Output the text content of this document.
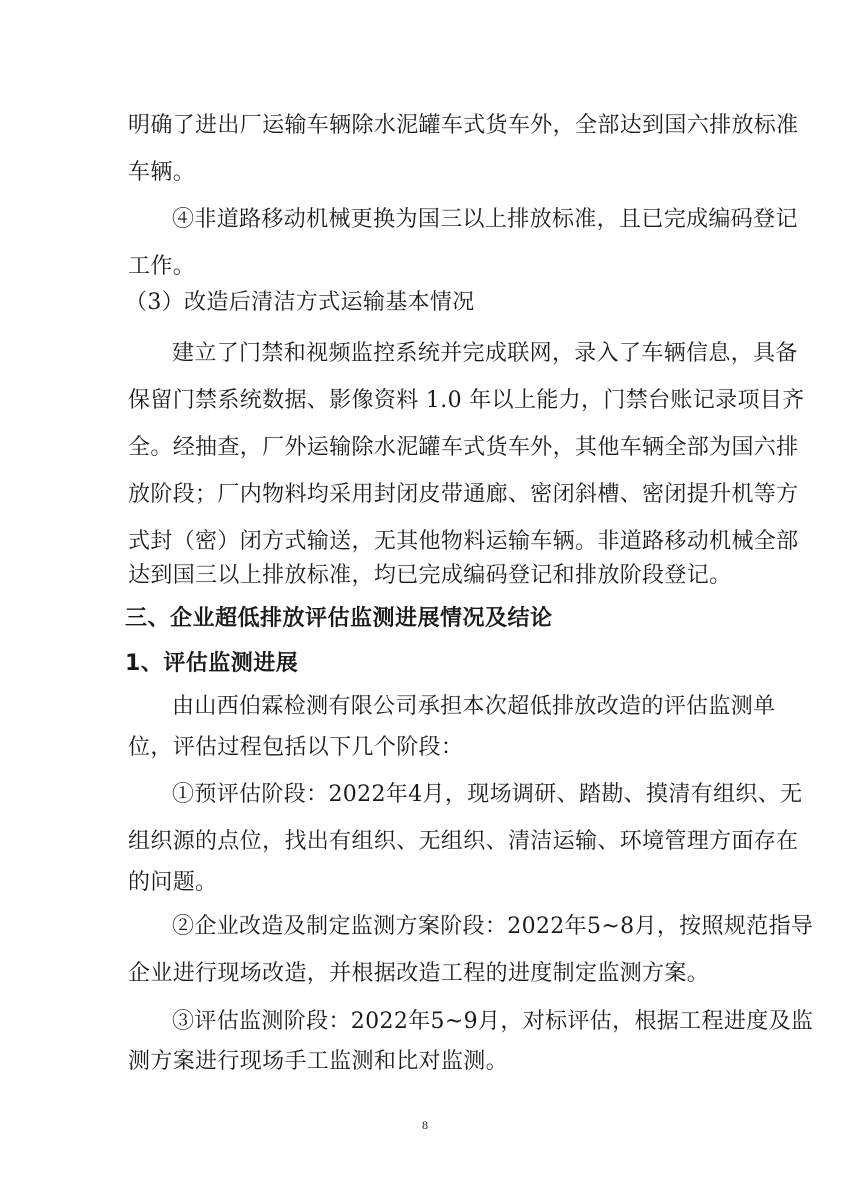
明确了进出厂运输车辆除水泥罐车式货车外，全部达到国六排放标准

车辆。

④非道路移动机械更换为国三以上排放标准，且已完成编码登记

工作。

（3）改造后清洁方式运输基本情况

建立了门禁和视频监控系统并完成联网，录入了车辆信息，具备

保留门禁系统数据、影像资料 1.0 年以上能力，门禁台账记录项目齐

全。经抽查，厂外运输除水泥罐车式货车外，其他车辆全部为国六排

放阶段；厂内物料均采用封闭皮带通廊、密闭斜槽、密闭提升机等方

式封（密）闭方式输送，无其他物料运输车辆。非道路移动机械全部

达到国三以上排放标准，均已完成编码登记和排放阶段登记。

三、企业超低排放评估监测进展情况及结论

1、评估监测进展

由山西伯霖检测有限公司承担本次超低排放改造的评估监测单

位，评估过程包括以下几个阶段：

①预评估阶段：2022年4月，现场调研、踏勘、摸清有组织、无

组织源的点位，找出有组织、无组织、清洁运输、环境管理方面存在

的问题。

②企业改造及制定监测方案阶段：2022年5~8月，按照规范指导

企业进行现场改造，并根据改造工程的进度制定监测方案。

③评估监测阶段：2022年5~9月，对标评估，根据工程进度及监

测方案进行现场手工监测和比对监测。

8
